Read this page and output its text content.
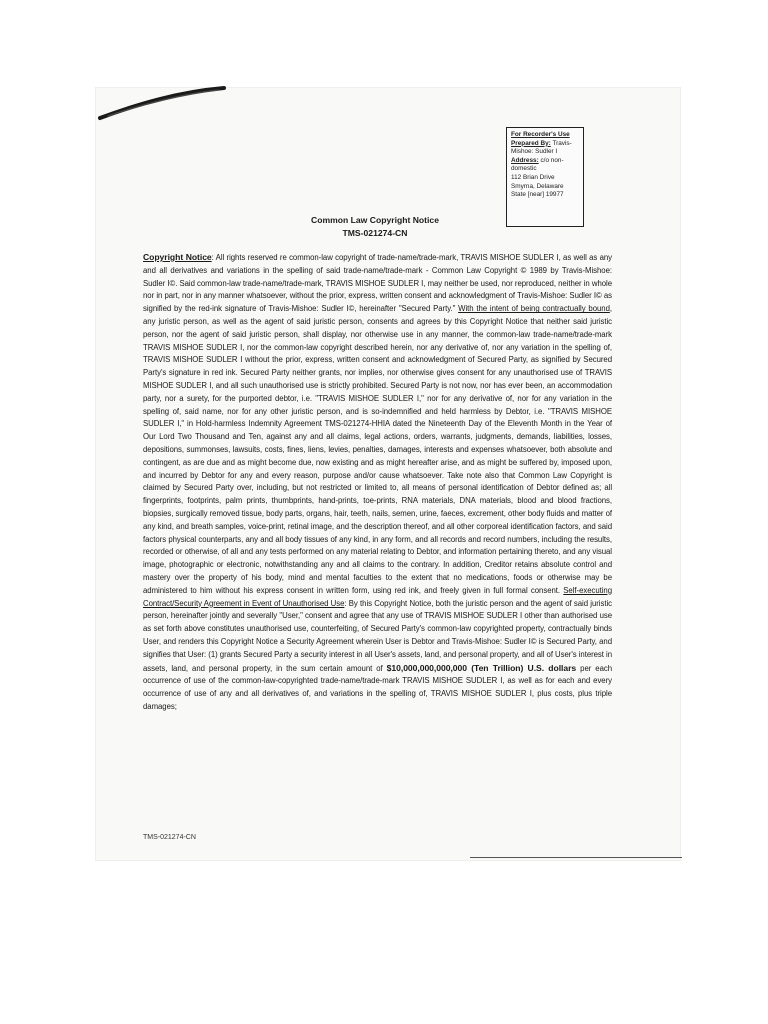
For Recorder's Use
Prepared By: Travis-
Mishoe: Sudler I
Address: c/o non-
domestic
112 Brian Drive
Smyrna, Delaware
State [near] 19977
Common Law Copyright Notice
TMS-021274-CN
Copyright Notice: All rights reserved re common-law copyright of trade-name/trade-mark, TRAVIS MISHOE SUDLER I, as well as any and all derivatives and variations in the spelling of said trade-name/trade-mark - Common Law Copyright © 1989 by Travis-Mishoe: Sudler I©. Said common-law trade-name/trade-mark, TRAVIS MISHOE SUDLER I, may neither be used, nor reproduced, neither in whole nor in part, nor in any manner whatsoever, without the prior, express, written consent and acknowledgment of Travis-Mishoe: Sudler I© as signified by the red-ink signature of Travis-Mishoe: Sudler I©, hereinafter "Secured Party." With the intent of being contractually bound, any juristic person, as well as the agent of said juristic person, consents and agrees by this Copyright Notice that neither said juristic person, nor the agent of said juristic person, shall display, nor otherwise use in any manner, the common-law trade-name/trade-mark TRAVIS MISHOE SUDLER I, nor the common-law copyright described herein, nor any derivative of, nor any variation in the spelling of, TRAVIS MISHOE SUDLER I without the prior, express, written consent and acknowledgment of Secured Party, as signified by Secured Party's signature in red ink. Secured Party neither grants, nor implies, nor otherwise gives consent for any unauthorised use of TRAVIS MISHOE SUDLER I, and all such unauthorised use is strictly prohibited. Secured Party is not now, nor has ever been, an accommodation party, nor a surety, for the purported debtor, i.e. "TRAVIS MISHOE SUDLER I," nor for any derivative of, nor for any variation in the spelling of, said name, nor for any other juristic person, and is so-indemnified and held harmless by Debtor, i.e. "TRAVIS MISHOE SUDLER I," in Hold-harmless Indemnity Agreement TMS-021274-HHIA dated the Nineteenth Day of the Eleventh Month in the Year of Our Lord Two Thousand and Ten, against any and all claims, legal actions, orders, warrants, judgments, demands, liabilities, losses, depositions, summonses, lawsuits, costs, fines, liens, levies, penalties, damages, interests and expenses whatsoever, both absolute and contingent, as are due and as might become due, now existing and as might hereafter arise, and as might be suffered by, imposed upon, and incurred by Debtor for any and every reason, purpose and/or cause whatsoever. Take note also that Common Law Copyright is claimed by Secured Party over, including, but not restricted or limited to, all means of personal identification of Debtor defined as; all fingerprints, footprints, palm prints, thumbprints, hand-prints, toe-prints, RNA materials, DNA materials, blood and blood fractions, biopsies, surgically removed tissue, body parts, organs, hair, teeth, nails, semen, urine, faeces, excrement, other body fluids and matter of any kind, and breath samples, voice-print, retinal image, and the description thereof, and all other corporeal identification factors, and said factors physical counterparts, any and all body tissues of any kind, in any form, and all records and record numbers, including the results, recorded or otherwise, of all and any tests performed on any material relating to Debtor, and information pertaining thereto, and any visual image, photographic or electronic, notwithstanding any and all claims to the contrary. In addition, Creditor retains absolute control and mastery over the property of his body, mind and mental faculties to the extent that no medications, foods or otherwise may be administered to him without his express consent in written form, using red ink, and freely given in full formal consent. Self-executing Contract/Security Agreement in Event of Unauthorised Use: By this Copyright Notice, both the juristic person and the agent of said juristic person, hereinafter jointly and severally "User," consent and agree that any use of TRAVIS MISHOE SUDLER I other than authorised use as set forth above constitutes unauthorised use, counterfeiting, of Secured Party's common-law copyrighted property, contractually binds User, and renders this Copyright Notice a Security Agreement wherein User is Debtor and Travis-Mishoe: Sudler I© is Secured Party, and signifies that User: (1) grants Secured Party a security interest in all User's assets, land, and personal property, and all of User's interest in assets, land, and personal property, in the sum certain amount of $10,000,000,000,000 (Ten Trillion) U.S. dollars per each occurrence of use of the common-law-copyrighted trade-name/trade-mark TRAVIS MISHOE SUDLER I, as well as for each and every occurrence of use of any and all derivatives of, and variations in the spelling of, TRAVIS MISHOE SUDLER I, plus costs, plus triple damages;
TMS-021274-CN
